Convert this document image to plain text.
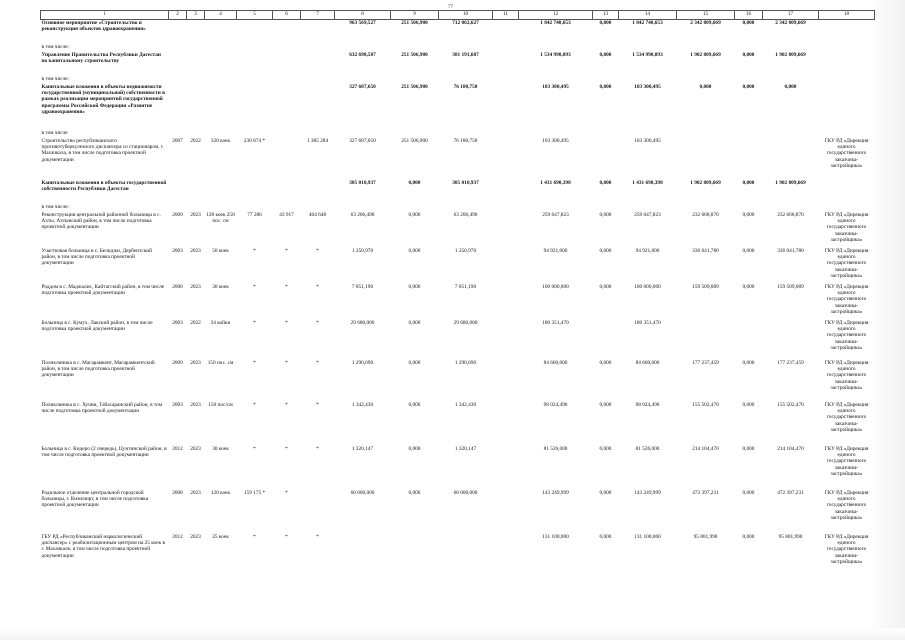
77
1	2	3	4	5	6	7	8	9	10	11	12	13	14	15	16	17	18
Основное мероприятие «Строительство и реконструкция объектов здравоохранения»							963 569,527	251 506,900	712 062,627		1 842 740,653	0,000	1 842 740,653	2 342 809,669	0,000	2 342 809,669	
в том числе:																	
Управление Правительства Республики Дагестан по капитальному строительству							632 698,587	251 506,900	381 191,687		1 534 990,893	0,000	1 534 990,893	1 902 809,669	0,000	1 902 809,669	
в том числе:																	
Капитальные вложения в объекты недвижимости государственной (муниципальной) собственности в рамках реализации мероприятий государственной программы Российской Федерации «Развитие здравоохранения»							327 687,650	251 506,900	76 180,750		103 300,495	0,000	103 300,495	0,000	0,000	0,000	
в том числе																	
Строительство республиканского противотуберкулезного диспансера со стационаром, г. Махачкала, в том числе подготовка проектной документации	2007	2022	320 коек	230 874 *		1 385 284	327 687,650	251 506,900	76 180,750		103 300,495		103 300,495				ГКУ РД «Дирекция единого государственного заказчика-застройщика»
Капитальные вложения в объекты государственной собственности Республики Дагестан							305 010,937	0,000	305 010,937		1 431 690,398	0,000	1 431 690,398	1 902 809,669	0,000	1 902 809,669	
в том числе:																	
Реконструкция центральной районной больницы в с. Ахты, Ахтынский район, в том числе подготовка проектной документации	2009	2023	128 коек 250 пос. см	77 286	43 917	404 648	63 206,490	0,000	63 206,490		259 647,823	0,000	259 647,823	232 668,870	0,000	232 668,870	ГКУ РД «Дирекция единого государственного заказчика-застройщика»
Участковая больница в с. Белиджи, Дербентский район, в том числе подготовка проектной документации	2003	2023	50 коек	*	*	*	1 250,970	0,000	1 250,970		94 921,000	0,000	94 921,000	336 041,780	0,000	336 041,780	ГКУ РД «Дирекция единого государственного заказчика-застройщика»
Роддом в с. Маджалис, Кайтагский район, в том числе подготовка проектной документации	2008	2023	30 коек	*	*	*	7 851,190	0,000	7 851,190		100 000,000	0,000	100 000,000	159 509,089	0,000	159 509,089	ГКУ РД «Дирекция единого государственного заказчика-застройщика»
Больница в с. Кумух, Лакский район, в том числе подготовка проектной документации	2003	2022	34 койки	*	*	*	29 680,000	0,000	29 680,000		180 351,470		180 351,470				ГКУ РД «Дирекция единого государственного заказчика-застройщика»
Поликлиника в с. Магарамкент, Магарамкентский район, в том числе подготовка проектной документации	2009	2023	150 пос. см	*	*	*	1 290,690	0,000	1 290,690		84 660,000	0,000	84 660,000	177 237,459	0,000	177 237,459	ГКУ РД «Дирекция единого государственного заказчика-застройщика»
Поликлиника в с. Хучни, Табасаранский район, в том числе подготовка проектной документации	2003	2023	150 пос/см	*	*	*	1 342,430	0,000	1 342,430		98 024,496	0,000	98 024,496	155 502,470	0,000	155 502,470	ГКУ РД «Дирекция единого государственного заказчика-застройщика»
Больница в с. Кидеро (2 очередь), Цунтинский район, в том числе подготовка проектной документации	2012	2023	30 коек	*	*	*	1 320,147	0,000	1 320,147		81 526,000	0,000	81 526,000	214 104,470	0,000	214 104,470	ГКУ РД «Дирекция единого государственного заказчика-застройщика»
Родильное отделение центральной городской больницы, г. Кизилюрт, в том числе подготовка проектной документации	2008	2023	120 коек	159 175 *	*		60 000,000	0,000	60 000,000		143 249,999	0,000	143 249,999	472 397,231	0,000	472 397,231	ГКУ РД «Дирекция единого государственного заказчика-застройщика»
ГБУ РД «Республиканский наркологический диспансер» с реабилитационным центром на 25 коек в г. Махачкале, в том числе подготовка проектной документации	2012	2023	25 коек	*	*	*					131 100,000	0,000	131 100,000	95 801,990	0,000	95 801,990	ГКУ РД «Дирекция единого государственного заказчика-застройщика»
